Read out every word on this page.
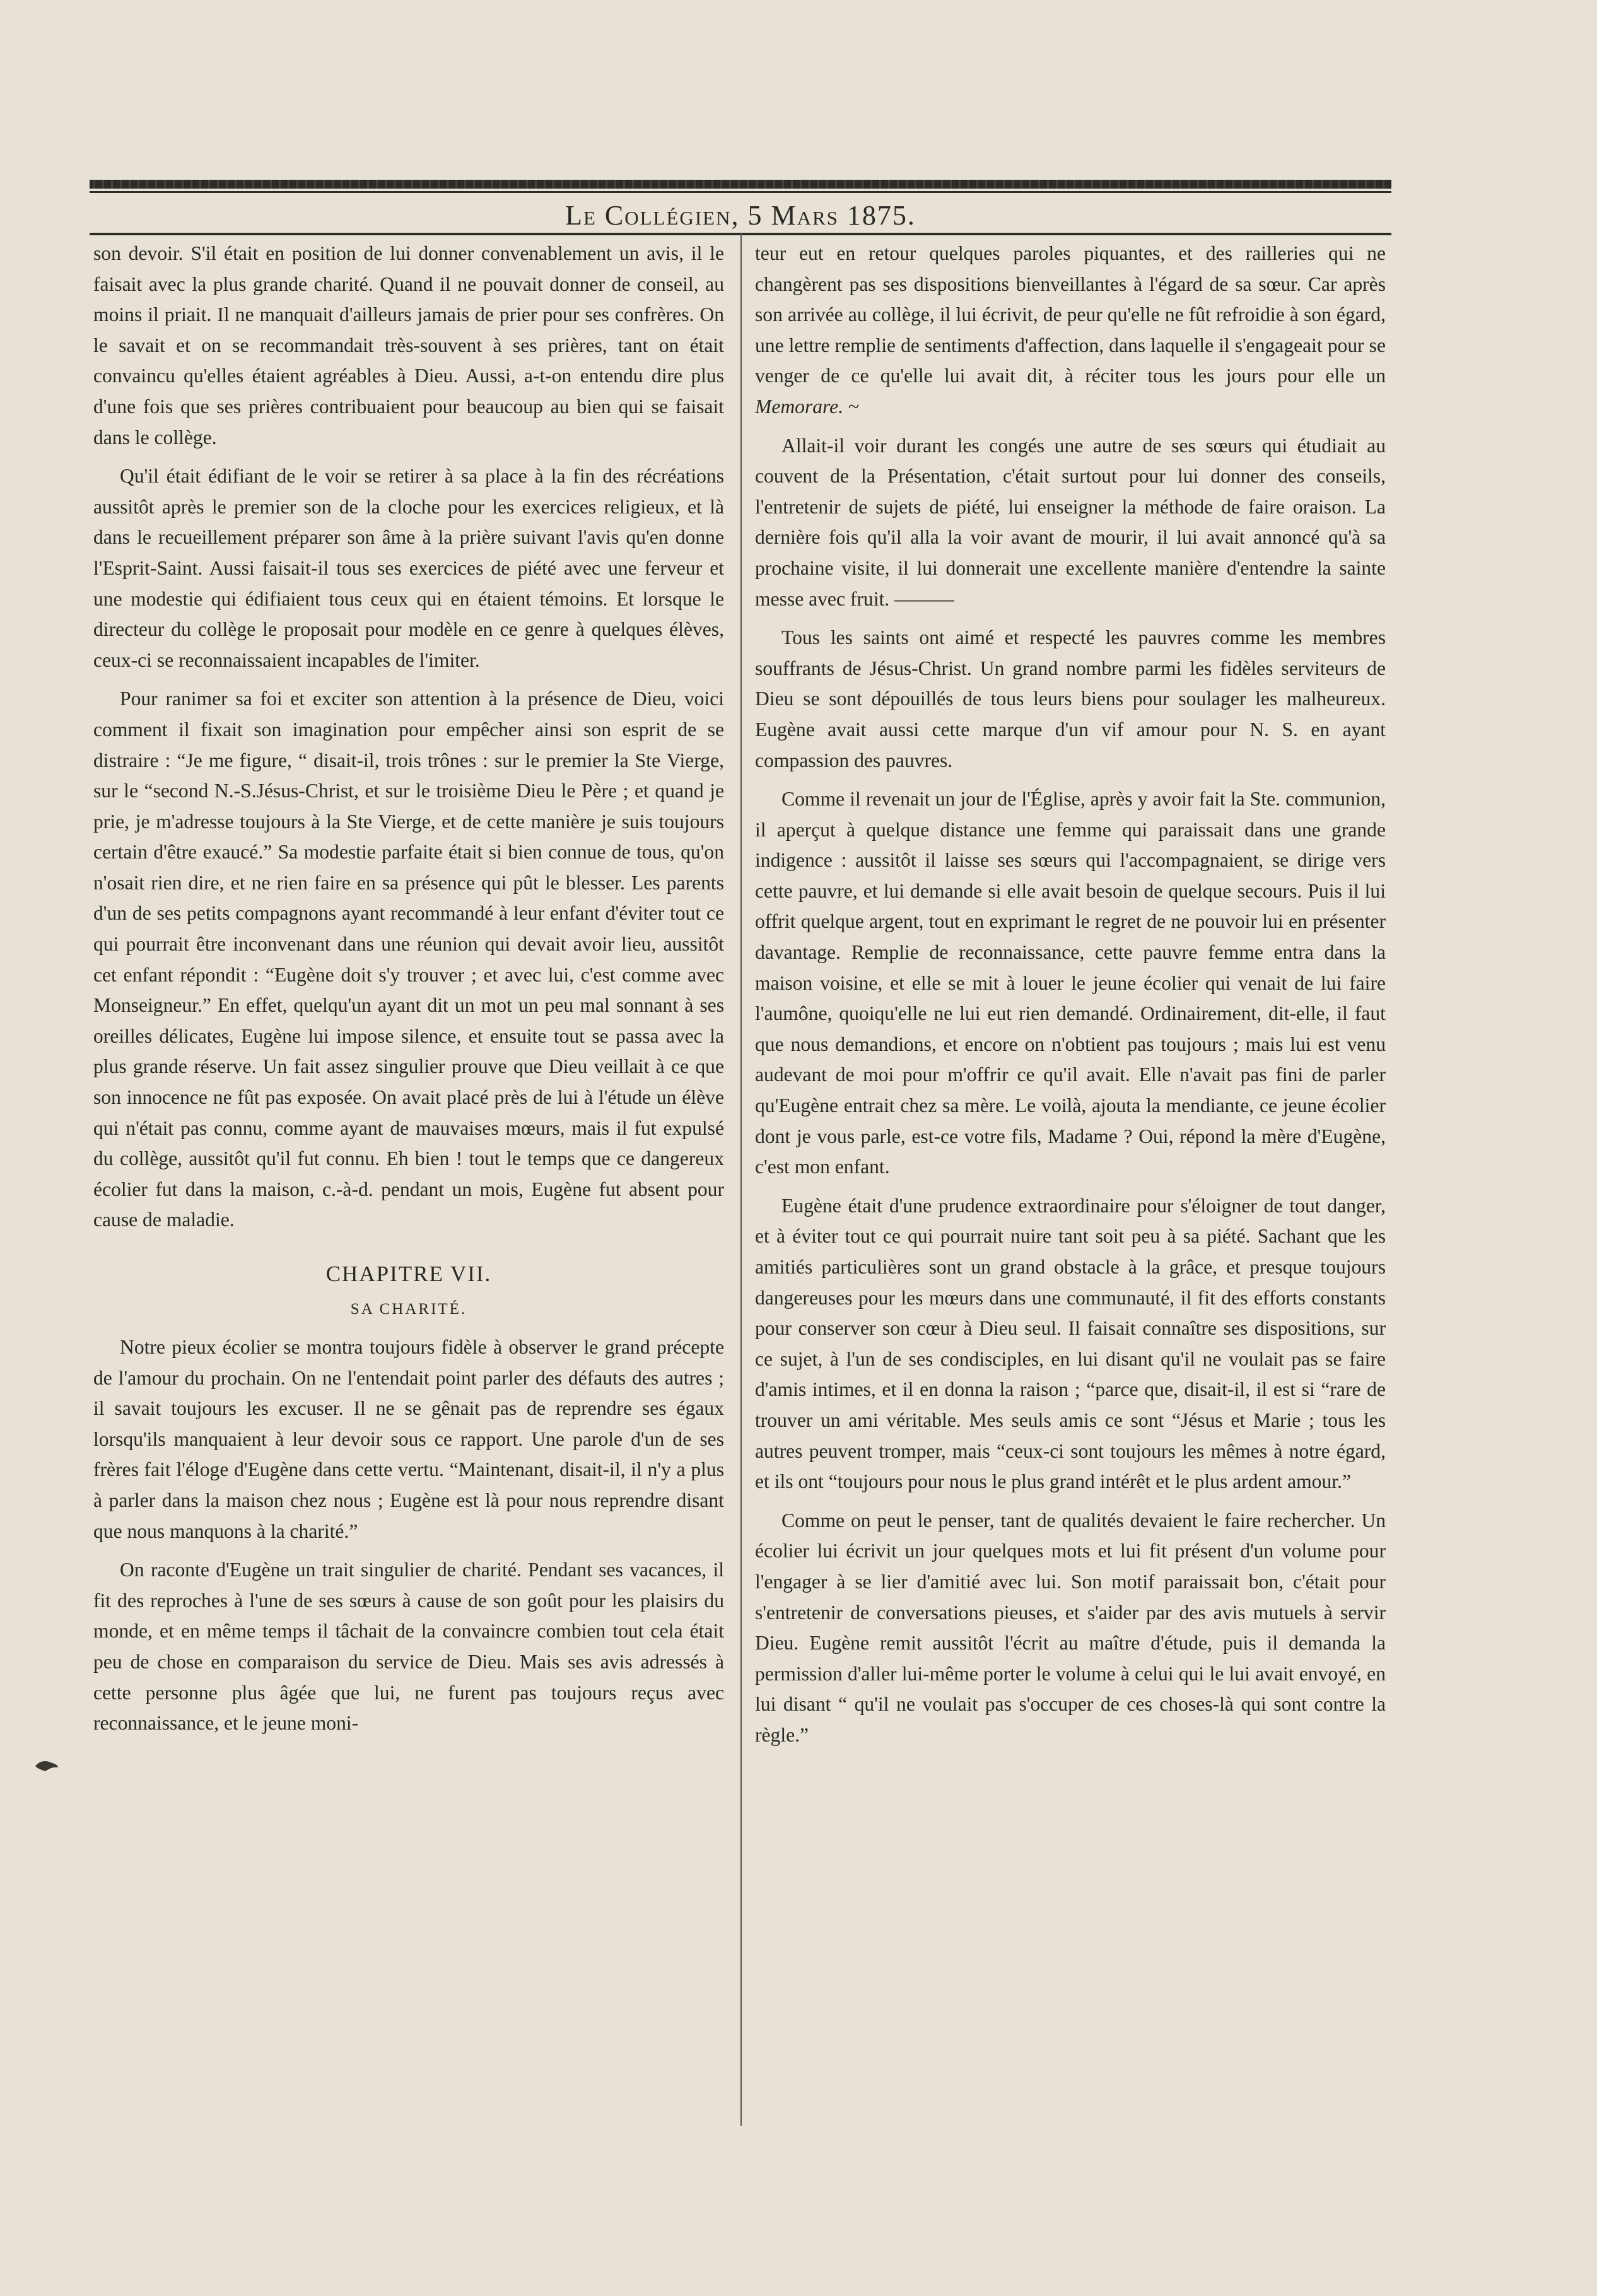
Le Collégien, 5 Mars 1875.

son devoir. S'il était en position de lui donner convenablement un avis, il le faisait avec la plus grande charité. Quand il ne pouvait donner de conseil, au moins il priait. Il ne manquait d'ailleurs jamais de prier pour ses confrères. On le savait et on se recommandait très-souvent à ses prières, tant on était convaincu qu'elles étaient agréables à Dieu. Aussi, a-t-on entendu dire plus d'une fois que ses prières contribuaient pour beaucoup au bien qui se faisait dans le collège.

Qu'il était édifiant de le voir se retirer à sa place à la fin des récréations aussitôt après le premier son de la cloche pour les exercices religieux, et là dans le recueillement préparer son âme à la prière suivant l'avis qu'en donne l'Esprit-Saint. Aussi faisait-il tous ses exercices de piété avec une ferveur et une modestie qui édifiaient tous ceux qui en étaient témoins. Et lorsque le directeur du collège le proposait pour modèle en ce genre à quelques élèves, ceux-ci se reconnaissaient incapables de l'imiter.

Pour ranimer sa foi et exciter son attention à la présence de Dieu, voici comment il fixait son imagination pour empêcher ainsi son esprit de se distraire : “Je me figure, “ disait-il, trois trônes : sur le premier la Ste Vierge, sur le “second N.-S.Jésus-Christ, et sur le troisième Dieu le Père ; et quand je prie, je m'adresse toujours à la Ste Vierge, et de cette manière je suis toujours certain d'être exaucé.” Sa modestie parfaite était si bien connue de tous, qu'on n'osait rien dire, et ne rien faire en sa présence qui pût le blesser. Les parents d'un de ses petits compagnons ayant recommandé à leur enfant d'éviter tout ce qui pourrait être inconvenant dans une réunion qui devait avoir lieu, aussitôt cet enfant répondit : “Eugène doit s'y trouver ; et avec lui, c'est comme avec Monseigneur.” En effet, quelqu'un ayant dit un mot un peu mal sonnant à ses oreilles délicates, Eugène lui impose silence, et ensuite tout se passa avec la plus grande réserve. Un fait assez singulier prouve que Dieu veillait à ce que son innocence ne fût pas exposée. On avait placé près de lui à l'étude un élève qui n'était pas connu, comme ayant de mauvaises mœurs, mais il fut expulsé du collège, aussitôt qu'il fut connu. Eh bien ! tout le temps que ce dangereux écolier fut dans la maison, c.-à-d. pendant un mois, Eugène fut absent pour cause de maladie.

CHAPITRE VII.

SA CHARITÉ.

Notre pieux écolier se montra toujours fidèle à observer le grand précepte de l'amour du prochain. On ne l'entendait point parler des défauts des autres ; il savait toujours les excuser. Il ne se gênait pas de reprendre ses égaux lorsqu'ils manquaient à leur devoir sous ce rapport. Une parole d'un de ses frères fait l'éloge d'Eugène dans cette vertu. “Maintenant, disait-il, il n'y a plus à parler dans la maison chez nous ; Eugène est là pour nous reprendre disant que nous manquons à la charité.”

On raconte d'Eugène un trait singulier de charité. Pendant ses vacances, il fit des reproches à l'une de ses sœurs à cause de son goût pour les plaisirs du monde, et en même temps il tâchait de la convaincre combien tout cela était peu de chose en comparaison du service de Dieu. Mais ses avis adressés à cette personne plus âgée que lui, ne furent pas toujours reçus avec reconnaissance, et le jeune moni-

teur eut en retour quelques paroles piquantes, et des railleries qui ne changèrent pas ses dispositions bienveillantes à l'égard de sa sœur. Car après son arrivée au collège, il lui écrivit, de peur qu'elle ne fût refroidie à son égard, une lettre remplie de sentiments d'affection, dans laquelle il s'engageait pour se venger de ce qu'elle lui avait dit, à réciter tous les jours pour elle un Memorare. ~

Allait-il voir durant les congés une autre de ses sœurs qui étudiait au couvent de la Présentation, c'était surtout pour lui donner des conseils, l'entretenir de sujets de piété, lui enseigner la méthode de faire oraison. La dernière fois qu'il alla la voir avant de mourir, il lui avait annoncé qu'à sa prochaine visite, il lui donnerait une excellente manière d'entendre la sainte messe avec fruit. ———

Tous les saints ont aimé et respecté les pauvres comme les membres souffrants de Jésus-Christ. Un grand nombre parmi les fidèles serviteurs de Dieu se sont dépouillés de tous leurs biens pour soulager les malheureux. Eugène avait aussi cette marque d'un vif amour pour N. S. en ayant compassion des pauvres.

Comme il revenait un jour de l'Église, après y avoir fait la Ste. communion, il aperçut à quelque distance une femme qui paraissait dans une grande indigence : aussitôt il laisse ses sœurs qui l'accompagnaient, se dirige vers cette pauvre, et lui demande si elle avait besoin de quelque secours. Puis il lui offrit quelque argent, tout en exprimant le regret de ne pouvoir lui en présenter davantage. Remplie de reconnaissance, cette pauvre femme entra dans la maison voisine, et elle se mit à louer le jeune écolier qui venait de lui faire l'aumône, quoiqu'elle ne lui eut rien demandé. Ordinairement, dit-elle, il faut que nous demandions, et encore on n'obtient pas toujours ; mais lui est venu audevant de moi pour m'offrir ce qu'il avait. Elle n'avait pas fini de parler qu'Eugène entrait chez sa mère. Le voilà, ajouta la mendiante, ce jeune écolier dont je vous parle, est-ce votre fils, Madame ? Oui, répond la mère d'Eugène, c'est mon enfant.

Eugène était d'une prudence extraordinaire pour s'éloigner de tout danger, et à éviter tout ce qui pourrait nuire tant soit peu à sa piété. Sachant que les amitiés particulières sont un grand obstacle à la grâce, et presque toujours dangereuses pour les mœurs dans une communauté, il fit des efforts constants pour conserver son cœur à Dieu seul. Il faisait connaître ses dispositions, sur ce sujet, à l'un de ses condisciples, en lui disant qu'il ne voulait pas se faire d'amis intimes, et il en donna la raison ; “parce que, disait-il, il est si “rare de trouver un ami véritable. Mes seuls amis ce sont “Jésus et Marie ; tous les autres peuvent tromper, mais “ceux-ci sont toujours les mêmes à notre égard, et ils ont “toujours pour nous le plus grand intérêt et le plus ardent amour.”

Comme on peut le penser, tant de qualités devaient le faire rechercher. Un écolier lui écrivit un jour quelques mots et lui fit présent d'un volume pour l'engager à se lier d'amitié avec lui. Son motif paraissait bon, c'était pour s'entretenir de conversations pieuses, et s'aider par des avis mutuels à servir Dieu. Eugène remit aussitôt l'écrit au maître d'étude, puis il demanda la permission d'aller lui-même porter le volume à celui qui le lui avait envoyé, en lui disant “ qu'il ne voulait pas s'occuper de ces choses-là qui sont contre la règle.”
